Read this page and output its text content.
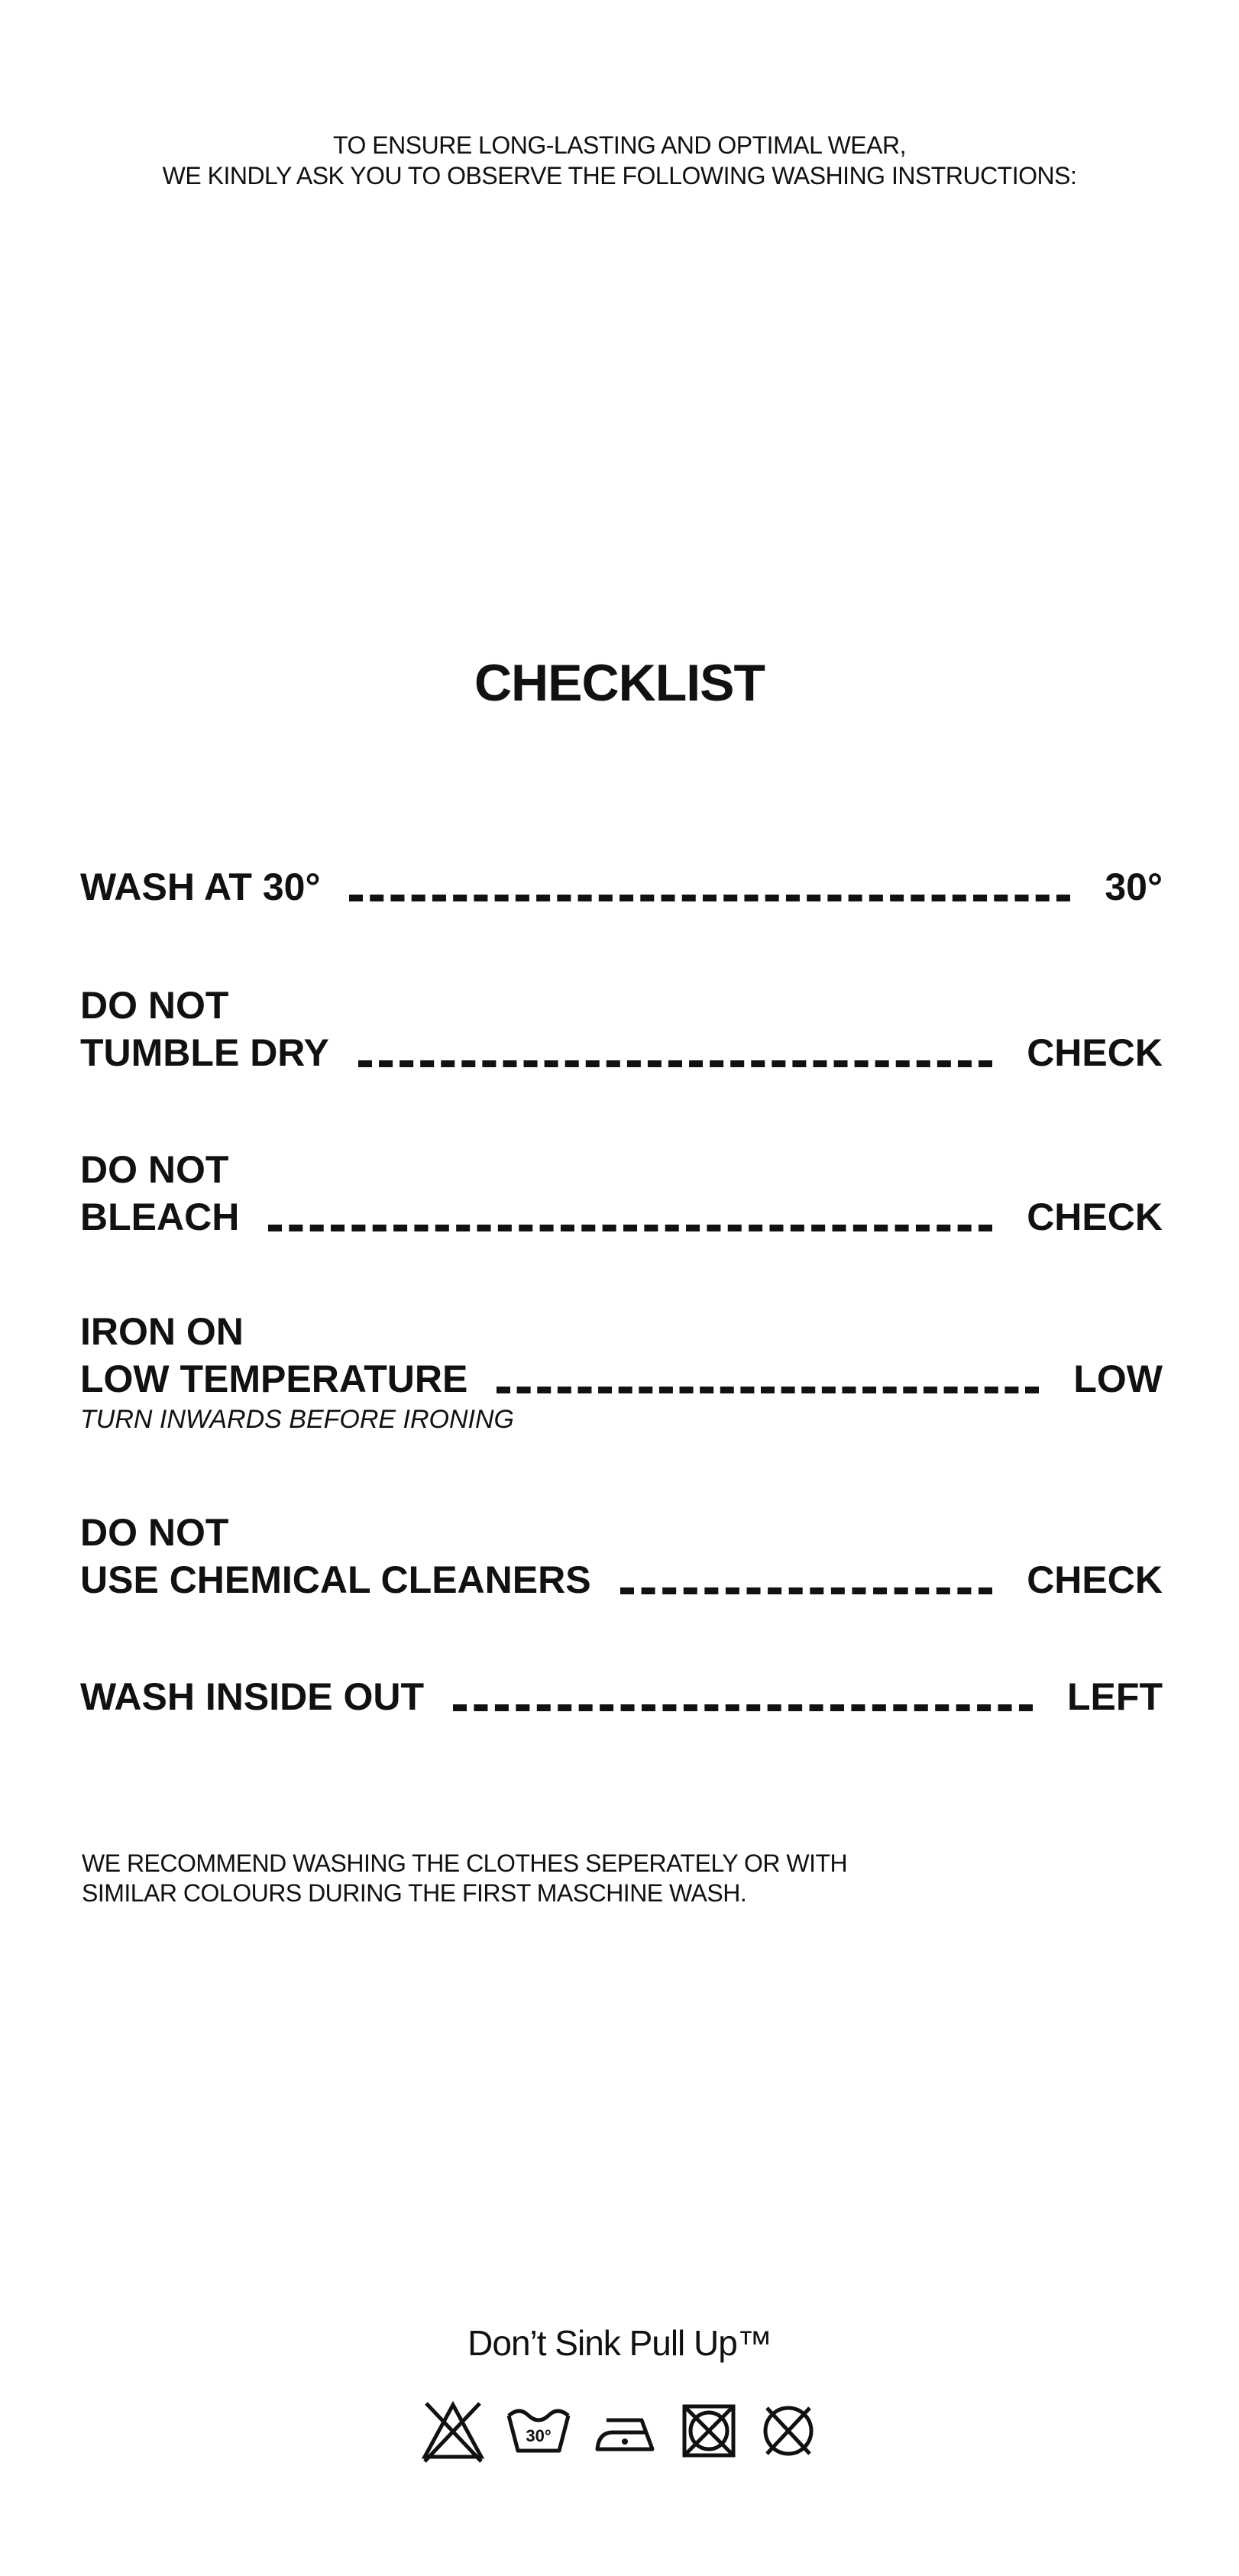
TO ENSURE LONG-LASTING AND OPTIMAL WEAR,
WE KINDLY ASK YOU TO OBSERVE THE FOLLOWING WASHING INSTRUCTIONS:
CHECKLIST
WASH AT 30°	30°
DO NOT
TUMBLE DRY	CHECK
DO NOT
BLEACH	CHECK
IRON ON
LOW TEMPERATURE	LOW
TURN INWARDS BEFORE IRONING
DO NOT
USE CHEMICAL CLEANERS	CHECK
WASH INSIDE OUT	LEFT
WE RECOMMEND WASHING THE CLOTHES SEPERATELY OR WITH
SIMILAR COLOURS DURING THE FIRST MASCHINE WASH.
Don’t Sink Pull Up™
30°
